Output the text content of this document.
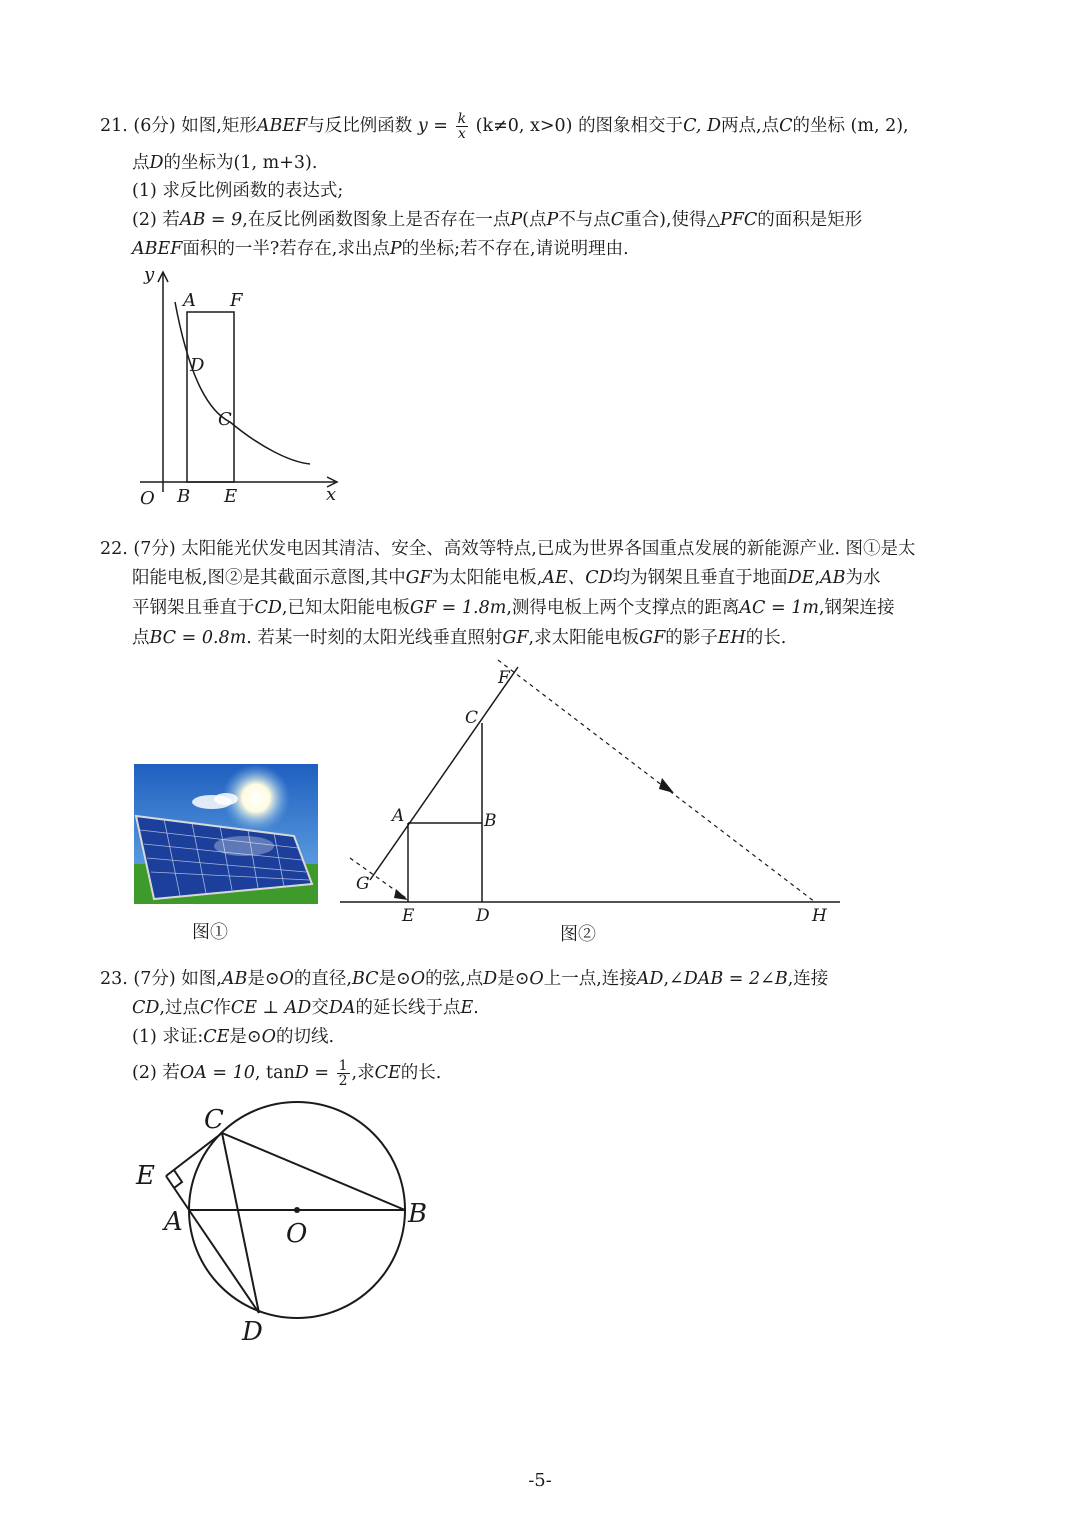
21. (6分) 如图,矩形ABEF与反比例函数 $y = \frac{k}{x} (k\ne 0$, x>0) 的图象相交于C, D两点,点C的坐标 (m, 2),
点D的坐标为(1, m+3).
(1) 求反比例函数的表达式;
(2) 若AB = 9,在反比例函数图象上是否存在一点P(点P不与点C重合),使得△PFC的面积是矩形
ABEF面积的一半?若存在,求出点P的坐标;若不存在,请说明理由.
y
x
O
A F
D
C
B E
22. (7分) 太阳能光伏发电因其清洁、安全、高效等特点,已成为世界各国重点发展的新能源产业. 图①是太
阳能电板,图②是其截面示意图,其中GF为太阳能电板,AE、CD均为钢架且垂直于地面DE,AB为水
平钢架且垂直于CD,已知太阳能电板GF = 1.8m,测得电板上两个支撑点的距离AC = 1m,钢架连接
点BC = 0.8m. 若某一时刻的太阳光线垂直照射GF,求太阳能电板GF的影子EH的长.
图①
F
C
A	B
G
E	D	H
图②
23. (7分) 如图,AB是⊙O的直径,BC是⊙O的弦,点D是⊙O上一点,连接AD,∠DAB = 2∠B,连接
CD,过点C作CE ⊥ AD交DA的延长线于点E.
(1) 求证:CE是⊙O的切线.
(2) 若OA = 10, $\tan D = \frac{1}{2}$ ,求CE的长.
C
E
A	O
B
D
-5-
